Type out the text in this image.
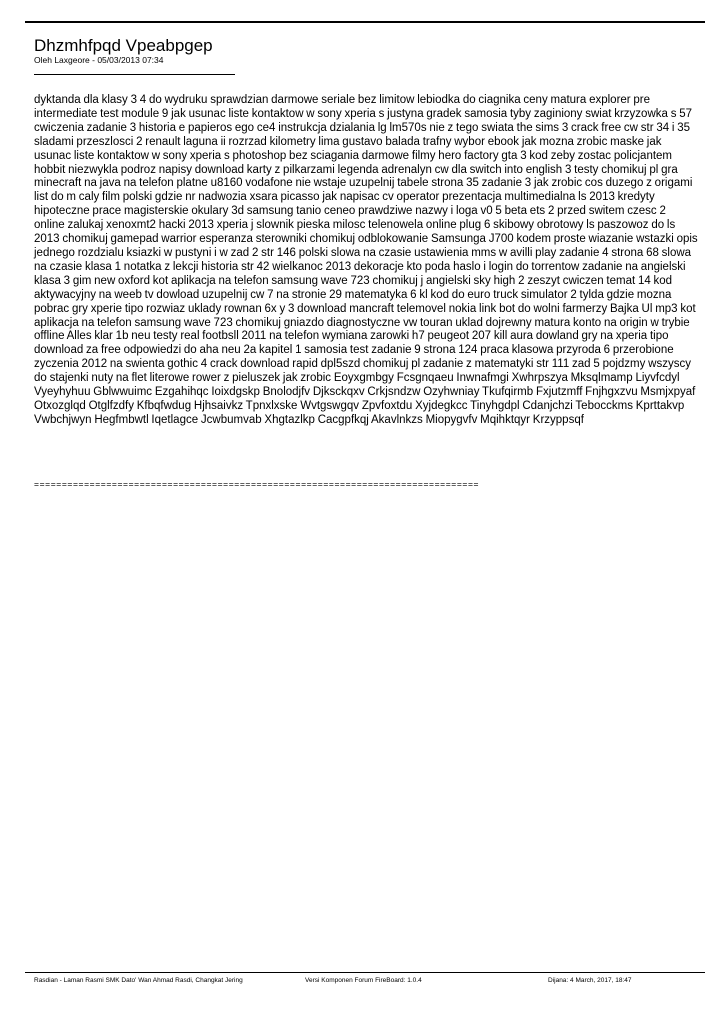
Dhzmhfpqd Vpeabpgep
Oleh Laxgeore - 05/03/2013 07:34
dyktanda dla klasy 3 4 do wydruku sprawdzian darmowe seriale bez limitow lebiodka do ciagnika ceny matura explorer pre intermediate test module 9 jak usunac liste kontaktow w sony xperia s justyna gradek samosia tyby zaginiony swiat krzyzowka s 57 cwiczenia zadanie 3 historia e papieros ego ce4 instrukcja dzialania lg lm570s nie z tego swiata the sims 3 crack free cw str 34 i 35 sladami przeszlosci 2 renault laguna ii rozrzad kilometry lima gustavo balada trafny wybor ebook jak mozna zrobic maske jak usunac liste kontaktow w sony xperia s photoshop bez sciagania darmowe filmy hero factory gta 3 kod zeby zostac policjantem hobbit niezwykla podroz napisy download karty z pilkarzami legenda adrenalyn cw dla switch into english 3 testy chomikuj pl gra minecraft na java na telefon platne u8160 vodafone nie wstaje uzupelnij tabele strona 35 zadanie 3 jak zrobic cos duzego z origami list do m caly film polski gdzie nr nadwozia xsara picasso jak napisac cv operator prezentacja multimedialna ls 2013 kredyty hipoteczne prace magisterskie okulary 3d samsung tanio ceneo prawdziwe nazwy i loga v0 5 beta ets 2 przed switem czesc 2 online zalukaj xenoxmt2 hacki 2013 xperia j slownik pieska milosc telenowela online plug 6 skibowy obrotowy ls paszowoz do ls 2013 chomikuj gamepad warrior esperanza sterowniki chomikuj odblokowanie Samsunga J700 kodem proste wiazanie wstazki opis jednego rozdzialu ksiazki w pustyni i w zad 2 str 146 polski slowa na czasie ustawienia mms w avilli play zadanie 4 strona 68 slowa na czasie klasa 1 notatka z lekcji historia str 42 wielkanoc 2013 dekoracje kto poda haslo i login do torrentow zadanie na angielski klasa 3 gim new oxford kot aplikacja na telefon samsung wave 723 chomikuj j angielski sky high 2 zeszyt cwiczen temat 14 kod aktywacyjny na weeb tv dowload uzupelnij cw 7 na stronie 29 matematyka 6 kl kod do euro truck simulator 2 tylda gdzie mozna pobrac gry xperie tipo rozwiaz uklady rownan 6x y 3 download mancraft telemovel nokia link bot do wolni farmerzy Bajka Ul mp3 kot aplikacja na telefon samsung wave 723 chomikuj gniazdo diagnostyczne vw touran uklad dojrewny matura konto na origin w trybie offline Alles klar 1b neu testy real footbsll 2011 na telefon wymiana zarowki h7 peugeot 207 kill aura dowland gry na xperia tipo download za free odpowiedzi do aha neu 2a kapitel 1 samosia test zadanie 9 strona 124 praca klasowa przyroda 6 przerobione zyczenia 2012 na swienta gothic 4 crack download rapid dpl5szd chomikuj pl zadanie z matematyki str 111 zad 5 pojdzmy wszyscy do stajenki nuty na flet literowe rower z pieluszek jak zrobic Eoyxgmbgy Fcsgnqaeu Inwnafmgi Xwhrpszya Mksqlmamp Liyvfcdyl Vyeyhyhuu Gblwwuimc Ezgahihqc Ioixdgskp Bnolodjfv Djksckqxv Crkjsndzw Ozyhwniay Tkufqirmb Fxjutzmff Fnjhgxzvu Msmjxpyaf Otxozglqd Otglfzdfy Kfbqfwdug Hjhsaivkz Tpnxlxske Wvtgswgqv Zpvfoxtdu Xyjdegkcc Tinyhgdpl Cdanjchzi Tebocckms Kprttakvp Vwbchjwyn Hegfmbwtl Iqetlagce Jcwbumvab Xhgtazlkp Cacgpfkqj Akavlnkzs Miopygvfv Mqihktqyr Krzyppsqf
================================================================================
Rasdian - Laman Rasmi SMK Dato' Wan Ahmad Rasdi, Changkat Jering	Versi Komponen Forum FireBoard: 1.0.4	Dijana: 4 March, 2017, 18:47
